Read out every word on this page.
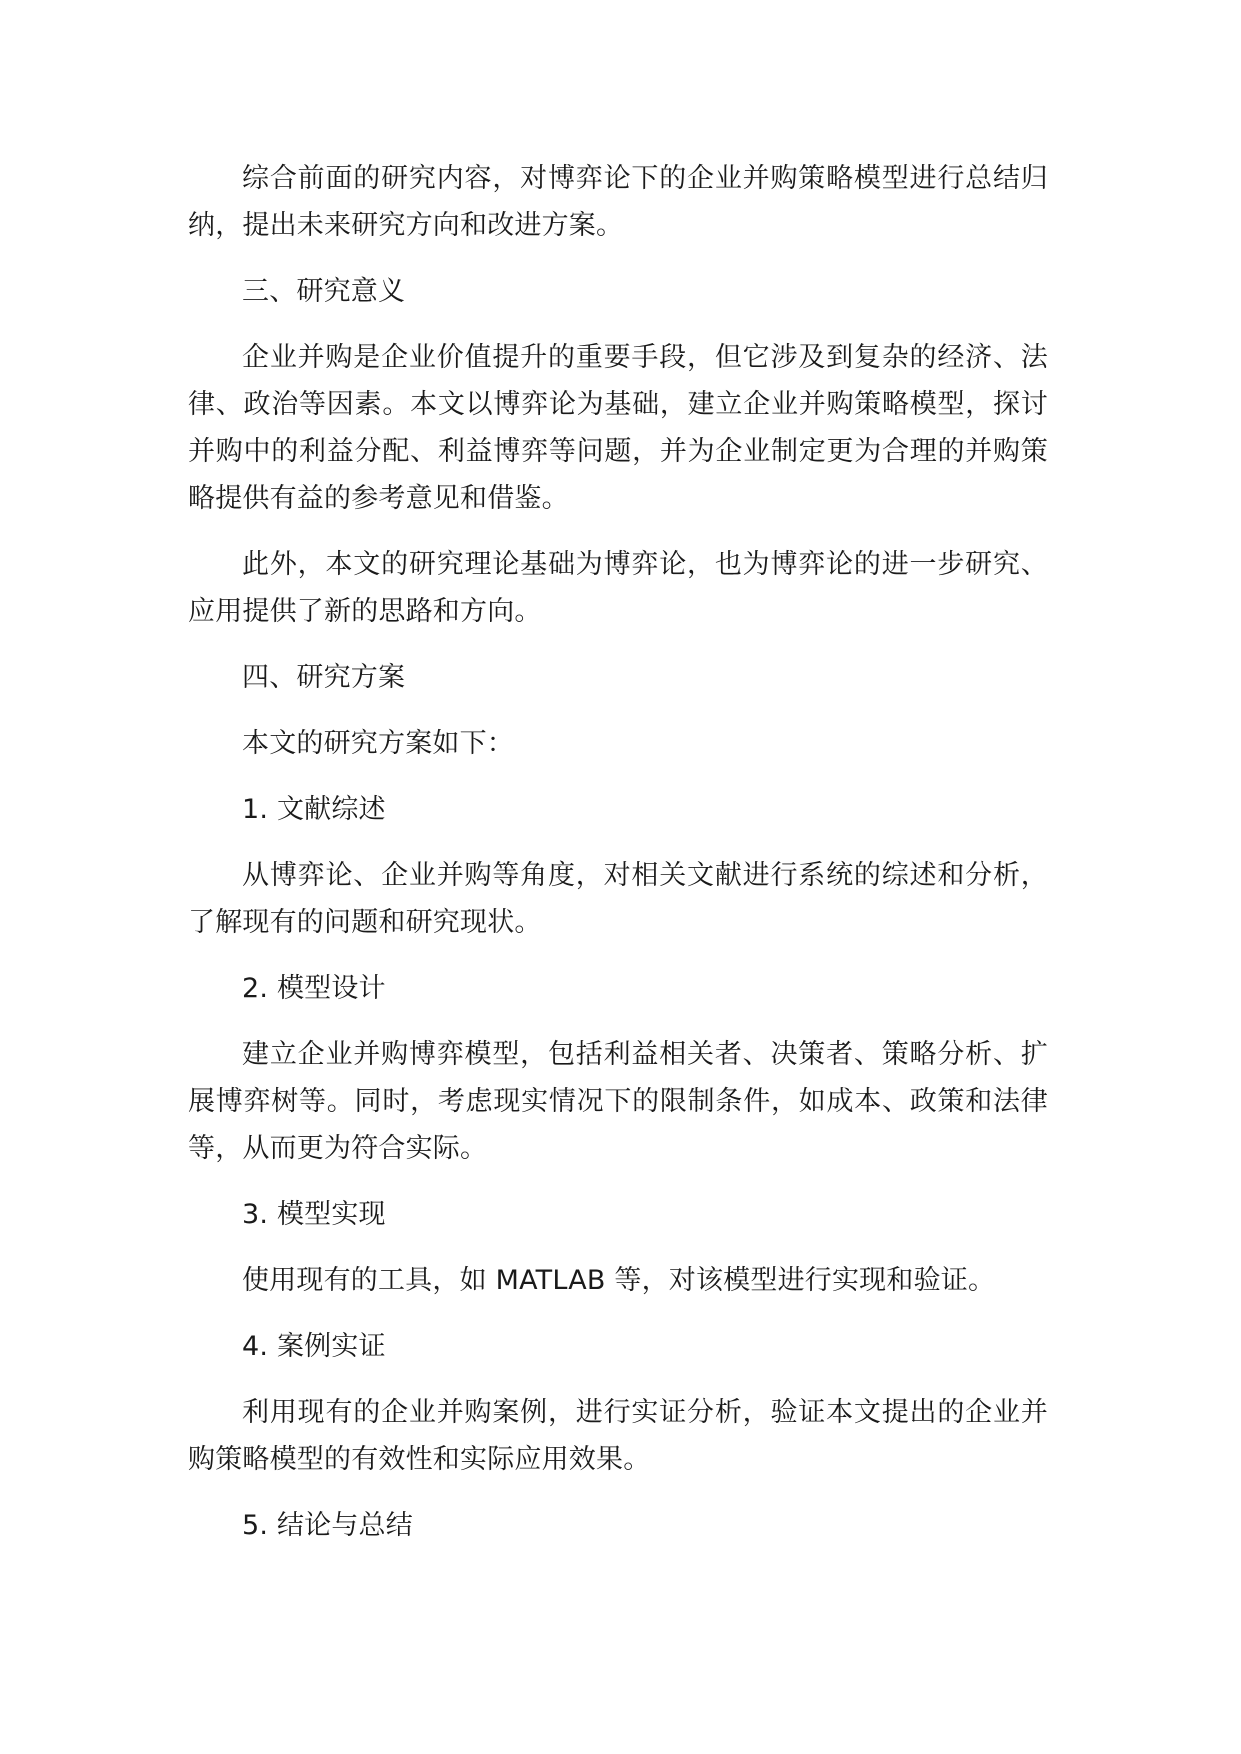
综合前面的研究内容，对博弈论下的企业并购策略模型进行总结归纳，提出未来研究方向和改进方案。

三、研究意义

企业并购是企业价值提升的重要手段，但它涉及到复杂的经济、法律、政治等因素。本文以博弈论为基础，建立企业并购策略模型，探讨并购中的利益分配、利益博弈等问题，并为企业制定更为合理的并购策略提供有益的参考意见和借鉴。

此外，本文的研究理论基础为博弈论，也为博弈论的进一步研究、应用提供了新的思路和方向。

四、研究方案

本文的研究方案如下：

1. 文献综述

从博弈论、企业并购等角度，对相关文献进行系统的综述和分析，了解现有的问题和研究现状。

2. 模型设计

建立企业并购博弈模型，包括利益相关者、决策者、策略分析、扩展博弈树等。同时，考虑现实情况下的限制条件，如成本、政策和法律等，从而更为符合实际。

3. 模型实现

使用现有的工具，如 MATLAB 等，对该模型进行实现和验证。

4. 案例实证

利用现有的企业并购案例，进行实证分析，验证本文提出的企业并购策略模型的有效性和实际应用效果。

5. 结论与总结
